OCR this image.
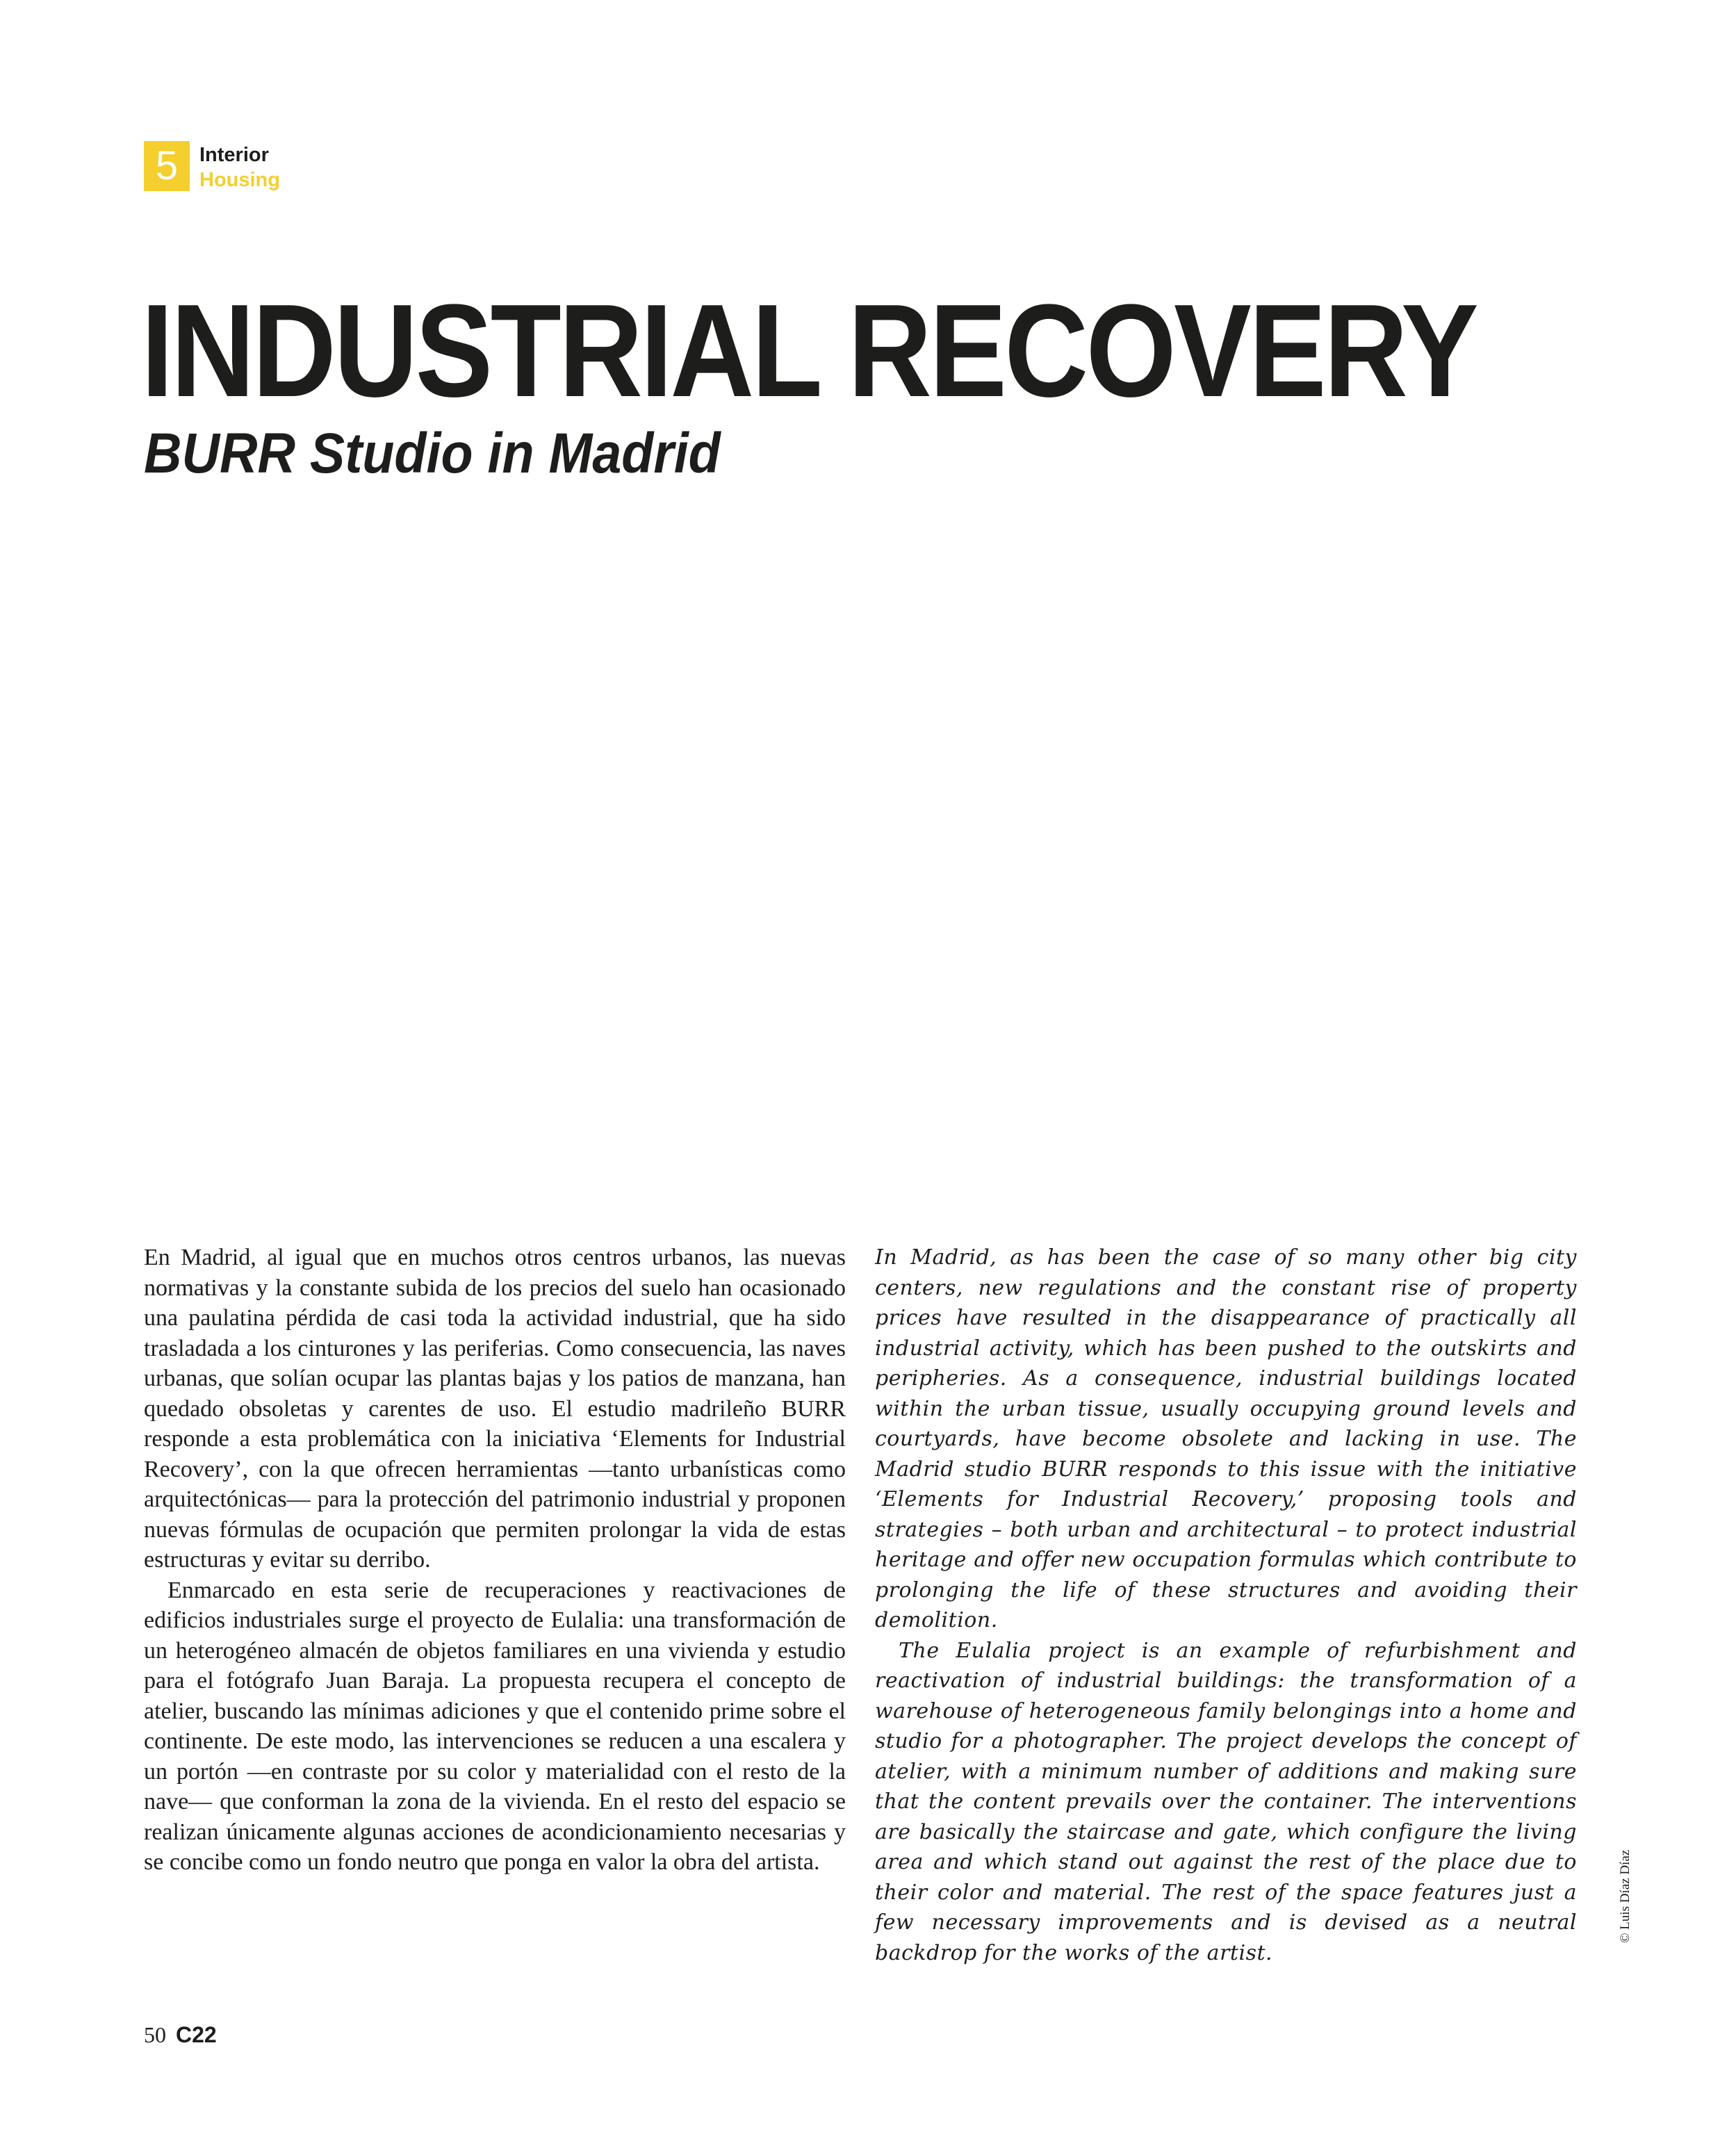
5	Interior
Housing
INDUSTRIAL RECOVERY
BURR Studio in Madrid

En Madrid, al igual que en muchos otros centros urbanos, las nuevas normativas y la constante subida de los precios del suelo han ocasionado una paulatina pérdida de casi toda la actividad industrial, que ha sido trasladada a los cinturones y las periferias. Como consecuencia, las naves urbanas, que solían ocupar las plantas bajas y los patios de manzana, han quedado obsoletas y carentes de uso. El estudio madrileño BURR responde a esta problemática con la iniciativa ‘Elements for Industrial Recovery’, con la que ofrecen herramientas —tanto urbanísticas como arquitectónicas— para la protección del patrimonio industrial y proponen nuevas fórmulas de ocupación que permiten prolongar la vida de estas estructuras y evitar su derribo.

Enmarcado en esta serie de recuperaciones y reactivaciones de edificios industriales surge el proyecto de Eulalia: una transformación de un heterogéneo almacén de objetos familiares en una vivienda y estudio para el fotógrafo Juan Baraja. La propuesta recupera el concepto de atelier, buscando las mínimas adiciones y que el contenido prime sobre el continente. De este modo, las intervenciones se reducen a una escalera y un portón —en contraste por su color y materialidad con el resto de la nave— que conforman la zona de la vivienda. En el resto del espacio se realizan únicamente algunas acciones de acondicionamiento necesarias y se concibe como un fondo neutro que ponga en valor la obra del artista.

In Madrid, as has been the case of so many other big city centers, new regulations and the constant rise of property prices have resulted in the disappearance of practically all industrial activity, which has been pushed to the outskirts and peripheries. As a consequence, industrial buildings located within the urban tissue, usually occupying ground levels and courtyards, have become obsolete and lacking in use. The Madrid studio BURR responds to this issue with the initiative ‘Elements for Industrial Recovery,’ proposing tools and strategies – both urban and architectural – to protect industrial heritage and offer new occupation formulas which contribute to prolonging the life of these structures and avoiding their demolition.

The Eulalia project is an example of refurbishment and reactivation of industrial buildings: the transformation of a warehouse of heterogeneous family belongings into a home and studio for a photographer. The project develops the concept of atelier, with a minimum number of additions and making sure that the content prevails over the container. The interventions are basically the staircase and gate, which configure the living area and which stand out against the rest of the place due to their color and material. The rest of the space features just a few necessary improvements and is devised as a neutral backdrop for the works of the artist.

© Luis Díaz Díaz
50 C22
